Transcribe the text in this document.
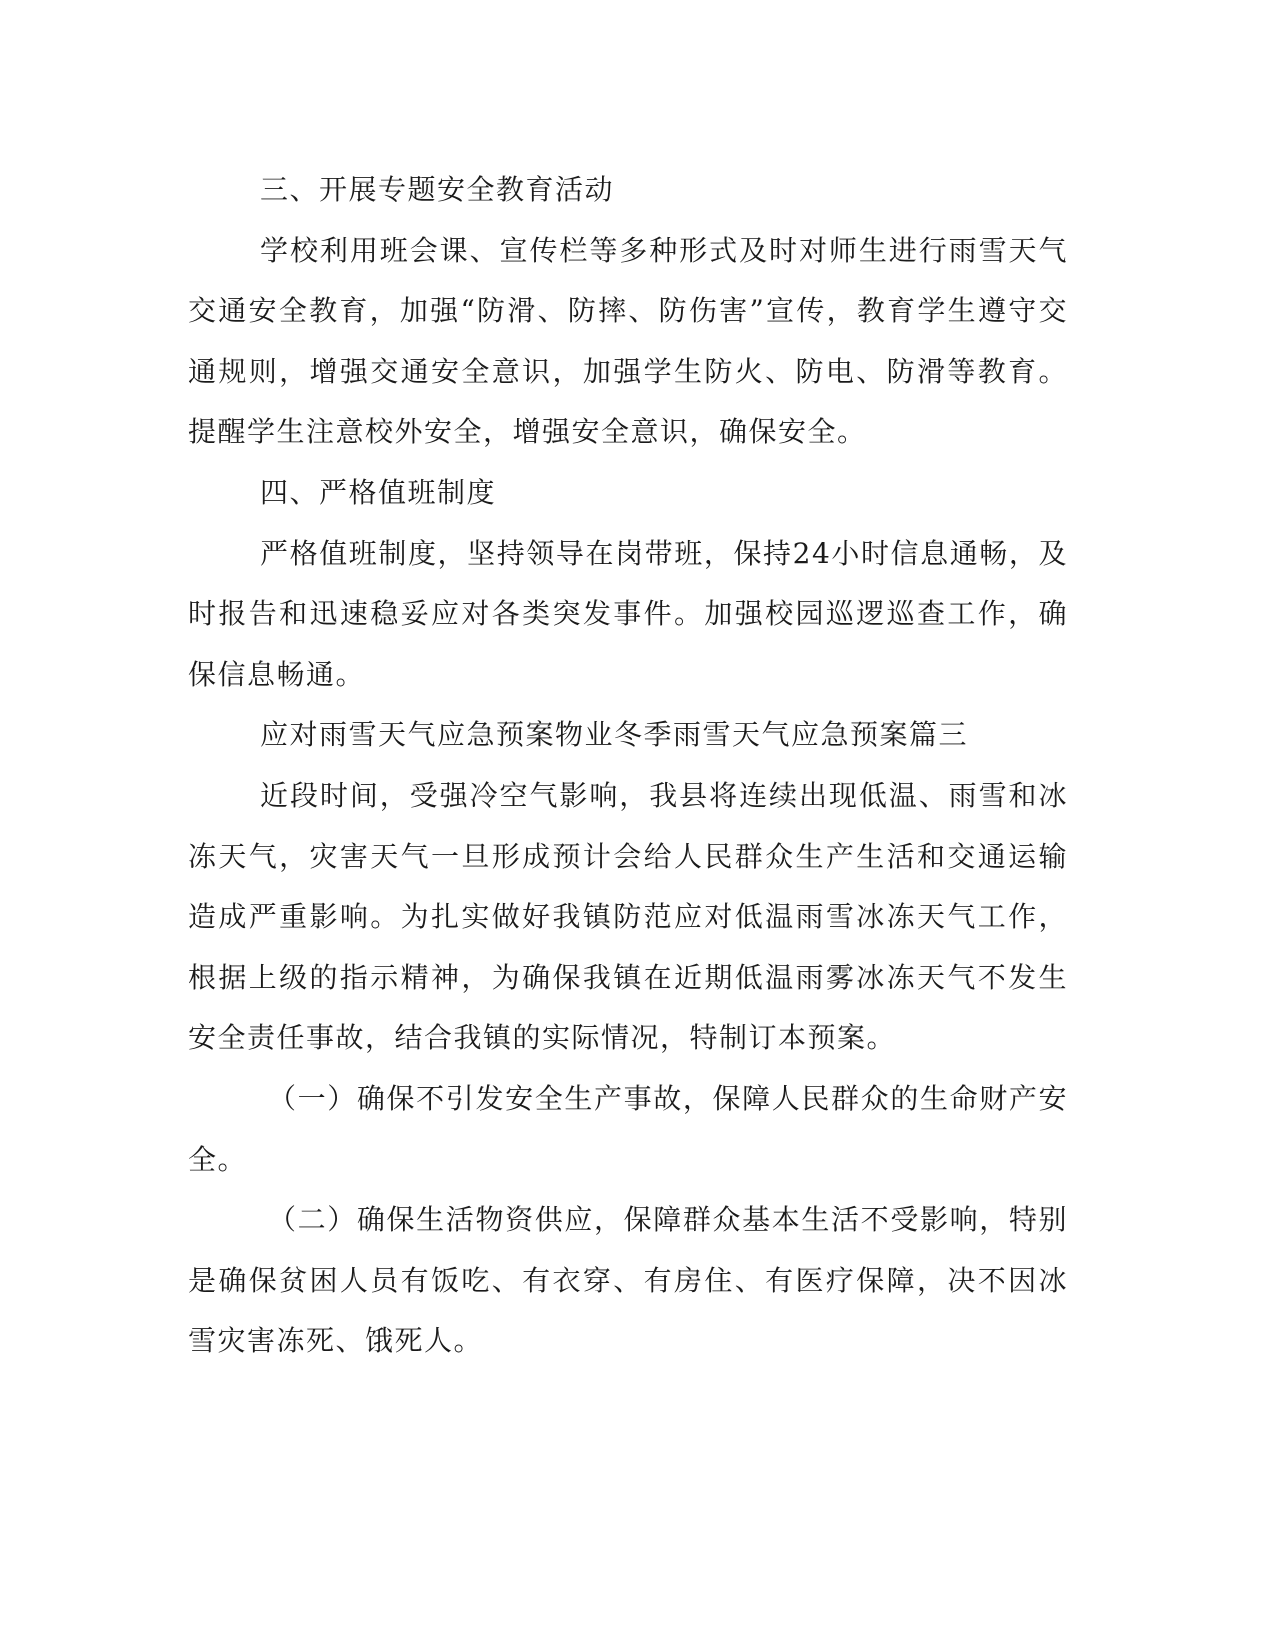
三、开展专题安全教育活动

学校利用班会课、宣传栏等多种形式及时对师生进行雨雪天气交通安全教育，加强“防滑、防摔、防伤害”宣传，教育学生遵守交通规则，增强交通安全意识，加强学生防火、防电、防滑等教育。提醒学生注意校外安全，增强安全意识，确保安全。

四、严格值班制度

严格值班制度，坚持领导在岗带班，保持24小时信息通畅，及时报告和迅速稳妥应对各类突发事件。加强校园巡逻巡查工作，确保信息畅通。

应对雨雪天气应急预案物业冬季雨雪天气应急预案篇三

近段时间，受强冷空气影响，我县将连续出现低温、雨雪和冰冻天气，灾害天气一旦形成预计会给人民群众生产生活和交通运输造成严重影响。为扎实做好我镇防范应对低温雨雪冰冻天气工作，根据上级的指示精神，为确保我镇在近期低温雨雾冰冻天气不发生安全责任事故，结合我镇的实际情况，特制订本预案。

（一）确保不引发安全生产事故，保障人民群众的生命财产安全。

（二）确保生活物资供应，保障群众基本生活不受影响，特别是确保贫困人员有饭吃、有衣穿、有房住、有医疗保障，决不因冰雪灾害冻死、饿死人。
